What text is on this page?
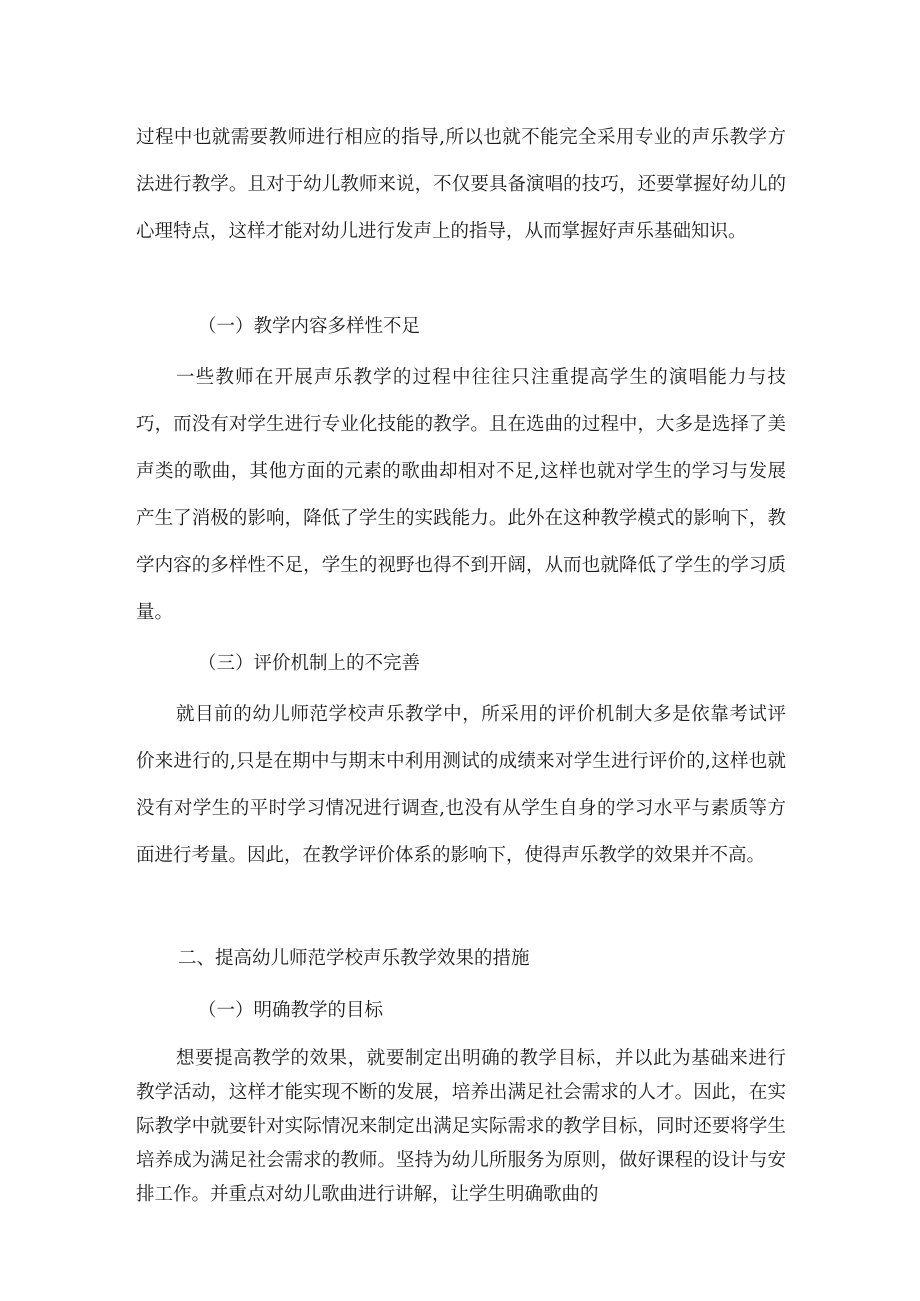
过程中也就需要教师进行相应的指导,所以也就不能完全采用专业的声乐教学方法进行教学。且对于幼儿教师来说，不仅要具备演唱的技巧，还要掌握好幼儿的心理特点，这样才能对幼儿进行发声上的指导，从而掌握好声乐基础知识。

（一）教学内容多样性不足

一些教师在开展声乐教学的过程中往往只注重提高学生的演唱能力与技巧，而没有对学生进行专业化技能的教学。且在选曲的过程中，大多是选择了美声类的歌曲，其他方面的元素的歌曲却相对不足,这样也就对学生的学习与发展产生了消极的影响，降低了学生的实践能力。此外在这种教学模式的影响下，教学内容的多样性不足，学生的视野也得不到开阔，从而也就降低了学生的学习质量。

（三）评价机制上的不完善

就目前的幼儿师范学校声乐教学中，所采用的评价机制大多是依靠考试评价来进行的,只是在期中与期末中利用测试的成绩来对学生进行评价的,这样也就没有对学生的平时学习情况进行调查,也没有从学生自身的学习水平与素质等方面进行考量。因此，在教学评价体系的影响下，使得声乐教学的效果并不高。

二、提高幼儿师范学校声乐教学效果的措施

（一）明确教学的目标

想要提高教学的效果，就要制定出明确的教学目标，并以此为基础来进行教学活动，这样才能实现不断的发展，培养出满足社会需求的人才。因此，在实际教学中就要针对实际情况来制定出满足实际需求的教学目标，同时还要将学生培养成为满足社会需求的教师。坚持为幼儿所服务为原则，做好课程的设计与安排工作。并重点对幼儿歌曲进行讲解，让学生明确歌曲的
